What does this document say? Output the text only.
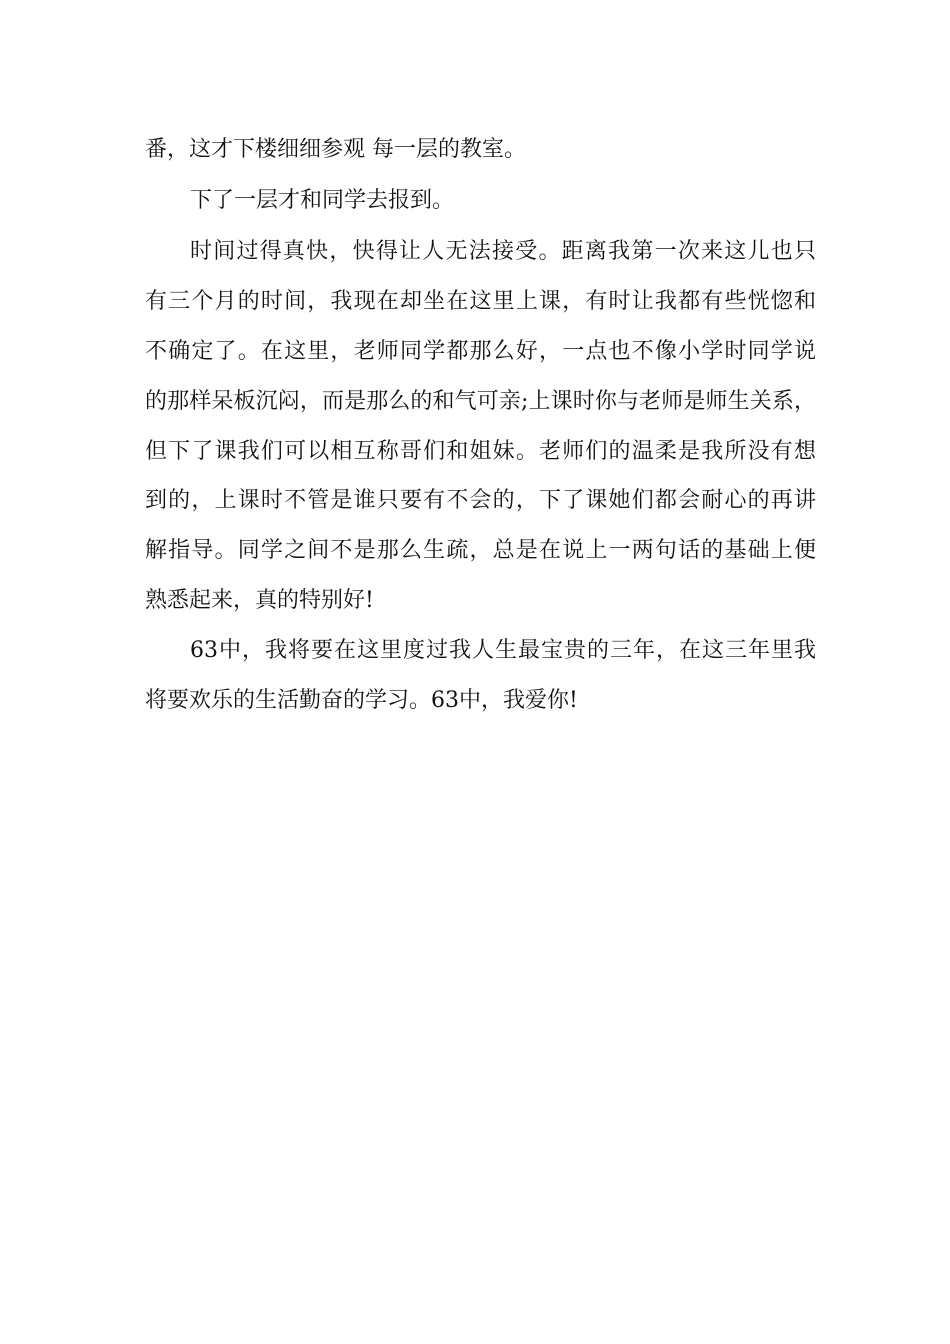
番，这才下楼细细参观 每一层的教室。

下了一层才和同学去报到。

时间过得真快，快得让人无法接受。距离我第一次来这儿也只

有三个月的时间，我现在却坐在这里上课，有时让我都有些恍惚和

不确定了。在这里，老师同学都那么好，一点也不像小学时同学说

的那样呆板沉闷，而是那么的和气可亲;上课时你与老师是师生关系，

但下了课我们可以相互称哥们和姐妹。老师们的温柔是我所没有想

到的，上课时不管是谁只要有不会的，下了课她们都会耐心的再讲

解指导。同学之间不是那么生疏，总是在说上一两句话的基础上便

熟悉起来，真的特别好!

63中，我将要在这里度过我人生最宝贵的三年，在这三年里我

将要欢乐的生活勤奋的学习。63中，我爱你!
